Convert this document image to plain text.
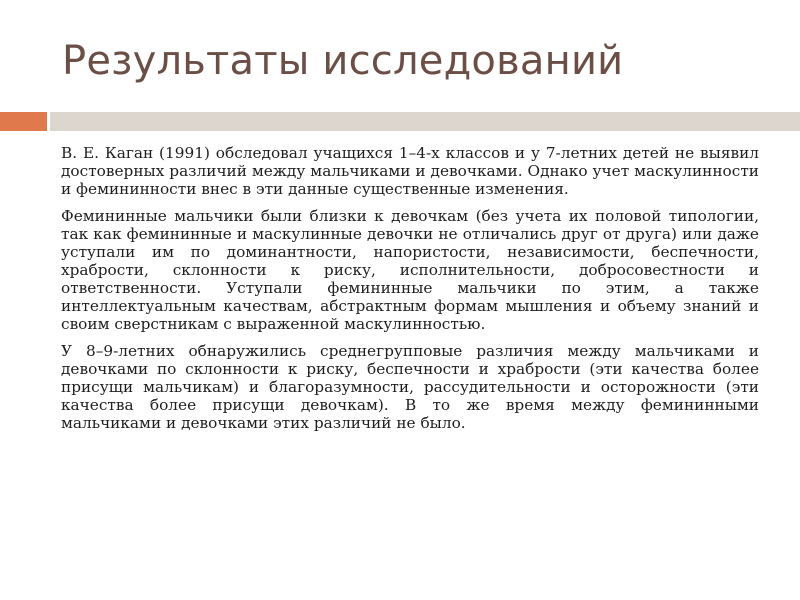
Результаты исследований

В. Е. Каган (1991) обследовал учащихся 1–4-х классов и у 7-летних детей не выявил достоверных различий между мальчиками и девочками. Однако учет маскулинности и фемининности внес в эти данные существенные изменения.

Фемининные мальчики были близки к девочкам (без учета их половой типологии, так как фемининные и маскулинные девочки не отличались друг от друга) или даже уступали им по доминантности, напористости, независимости, беспечности, храбрости, склонности к риску, исполнительности, добросовестности и ответственности. Уступали фемининные мальчики по этим, а также интеллектуальным качествам, абстрактным формам мышления и объему знаний и своим сверстникам с выраженной маскулинностью.

У 8–9-летних обнаружились среднегрупповые различия между мальчиками и девочками по склонности к риску, беспечности и храбрости (эти качества более присущи мальчикам) и благоразумности, рассудительности и осторожности (эти качества более присущи девочкам). В то же время между фемининными мальчиками и девочками этих различий не было.
